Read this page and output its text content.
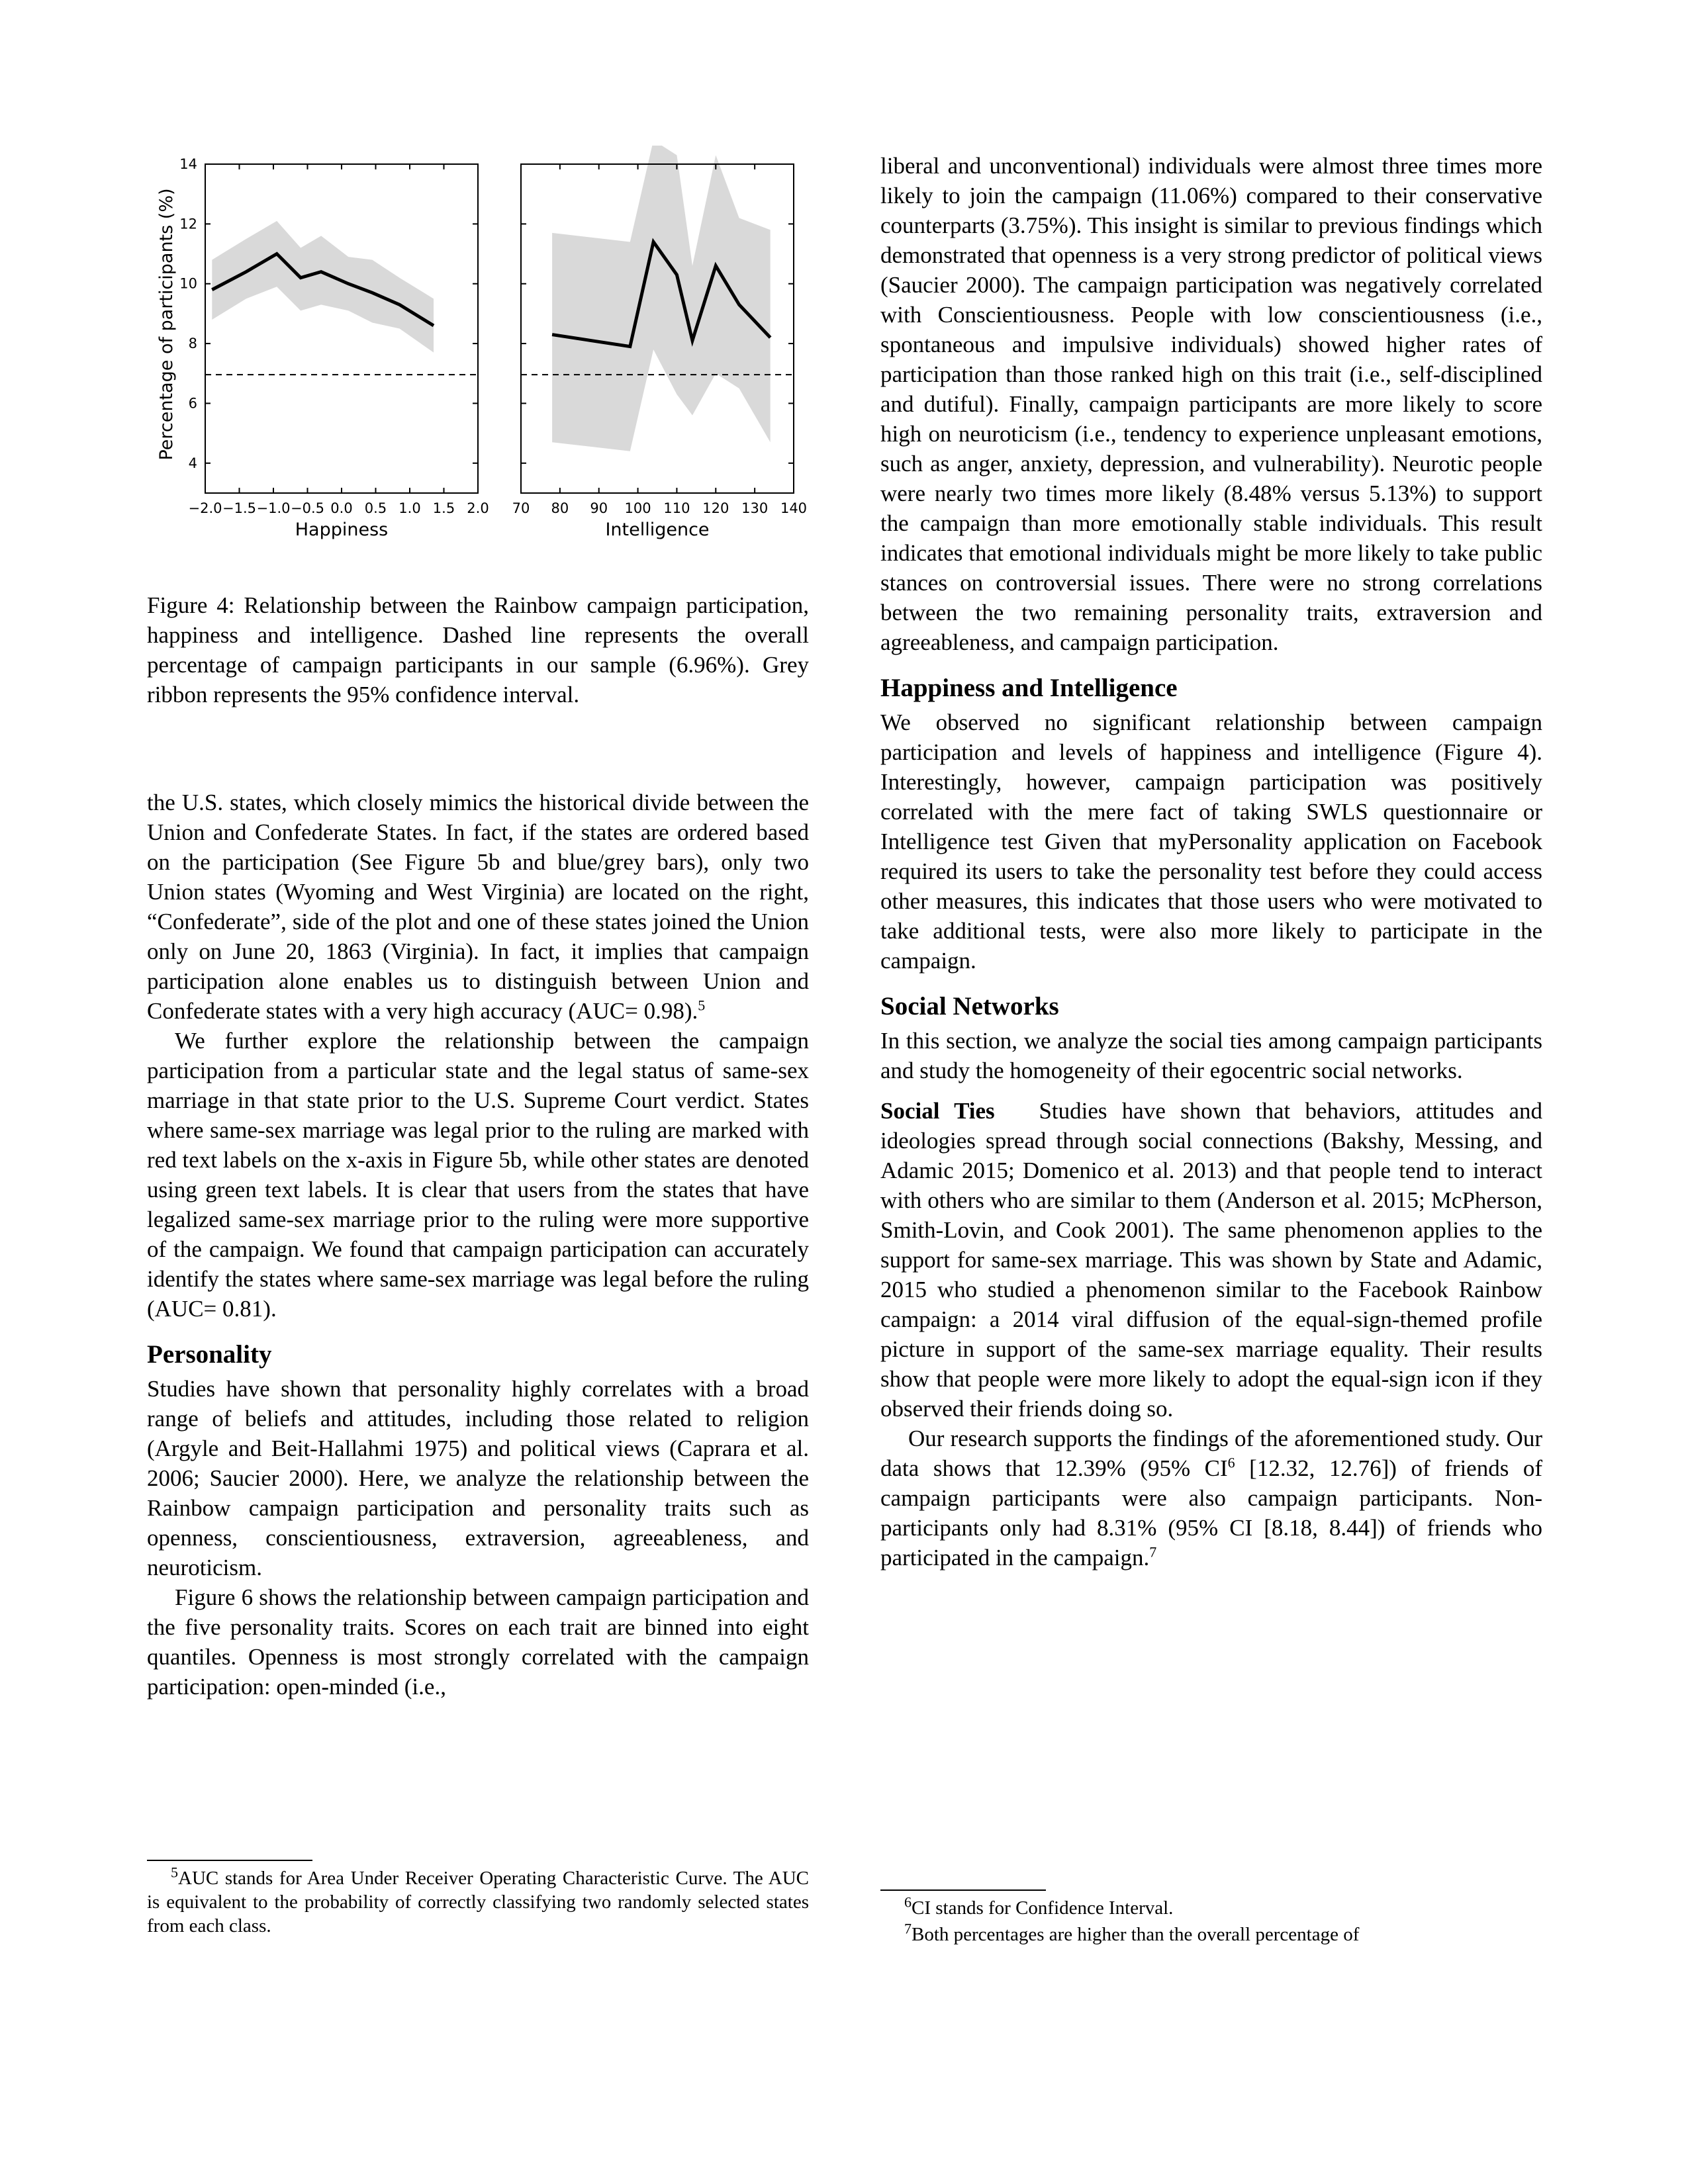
−2.0 −1.5 −1.0 −0.5 0.0 0.5 1.0 1.5 2.0
4
6
8
10
12
14
Happiness
70 80 90 100 110 120 130 140
Intelligence
Percentage of participants (%)

Figure 4: Relationship between the Rainbow campaign participation, happiness and intelligence. Dashed line represents the overall percentage of campaign participants in our sample (6.96%). Grey ribbon represents the 95% confidence interval.

the U.S. states, which closely mimics the historical divide between the Union and Confederate States. In fact, if the states are ordered based on the participation (See Figure 5b and blue/grey bars), only two Union states (Wyoming and West Virginia) are located on the right, “Confederate”, side of the plot and one of these states joined the Union only on June 20, 1863 (Virginia). In fact, it implies that campaign participation alone enables us to distinguish between Union and Confederate states with a very high accuracy (AUC= 0.98).$^5$

We further explore the relationship between the campaign participation from a particular state and the legal status of same-sex marriage in that state prior to the U.S. Supreme Court verdict. States where same-sex marriage was legal prior to the ruling are marked with red text labels on the x-axis in Figure 5b, while other states are denoted using green text labels. It is clear that users from the states that have legalized same-sex marriage prior to the ruling were more supportive of the campaign. We found that campaign participation can accurately identify the states where same-sex marriage was legal before the ruling (AUC= 0.81).

Personality

Studies have shown that personality highly correlates with a broad range of beliefs and attitudes, including those related to religion (Argyle and Beit-Hallahmi 1975) and political views (Caprara et al. 2006; Saucier 2000). Here, we analyze the relationship between the Rainbow campaign participation and personality traits such as openness, conscientiousness, extraversion, agreeableness, and neuroticism.

Figure 6 shows the relationship between campaign participation and the five personality traits. Scores on each trait are binned into eight quantiles. Openness is most strongly correlated with the campaign participation: open-minded (i.e.,

$^5$AUC stands for Area Under Receiver Operating Characteristic Curve. The AUC is equivalent to the probability of correctly classifying two randomly selected states from each class.

liberal and unconventional) individuals were almost three times more likely to join the campaign (11.06%) compared to their conservative counterparts (3.75%). This insight is similar to previous findings which demonstrated that openness is a very strong predictor of political views (Saucier 2000). The campaign participation was negatively correlated with Conscientiousness. People with low conscientiousness (i.e., spontaneous and impulsive individuals) showed higher rates of participation than those ranked high on this trait (i.e., self-disciplined and dutiful). Finally, campaign participants are more likely to score high on neuroticism (i.e., tendency to experience unpleasant emotions, such as anger, anxiety, depression, and vulnerability). Neurotic people were nearly two times more likely (8.48% versus 5.13%) to support the campaign than more emotionally stable individuals. This result indicates that emotional individuals might be more likely to take public stances on controversial issues. There were no strong correlations between the two remaining personality traits, extraversion and agreeableness, and campaign participation.

Happiness and Intelligence

We observed no significant relationship between campaign participation and levels of happiness and intelligence (Figure 4). Interestingly, however, campaign participation was positively correlated with the mere fact of taking SWLS questionnaire or Intelligence test Given that myPersonality application on Facebook required its users to take the personality test before they could access other measures, this indicates that those users who were motivated to take additional tests, were also more likely to participate in the campaign.

Social Networks

In this section, we analyze the social ties among campaign participants and study the homogeneity of their egocentric social networks.

Social Ties Studies have shown that behaviors, attitudes and ideologies spread through social connections (Bakshy, Messing, and Adamic 2015; Domenico et al. 2013) and that people tend to interact with others who are similar to them (Anderson et al. 2015; McPherson, Smith-Lovin, and Cook 2001). The same phenomenon applies to the support for same-sex marriage. This was shown by State and Adamic, 2015 who studied a phenomenon similar to the Facebook Rainbow campaign: a 2014 viral diffusion of the equal-sign-themed profile picture in support of the same-sex marriage equality. Their results show that people were more likely to adopt the equal-sign icon if they observed their friends doing so.

Our research supports the findings of the aforementioned study. Our data shows that 12.39% (95% $CI^6$ [12.32, 12.76]) of friends of campaign participants were also campaign participants. Non-participants only had 8.31% (95% CI [8.18, 8.44]) of friends who participated in the campaign.$^7$

$^6$CI stands for Confidence Interval.

$^7$Both percentages are higher than the overall percentage of
